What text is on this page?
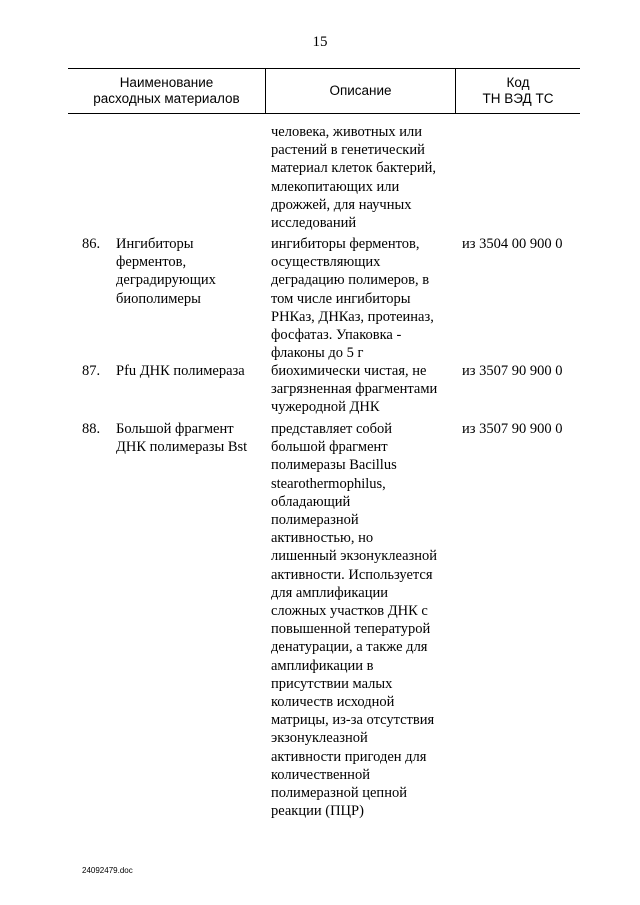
15
Наименование
расходных материалов
Описание
Код
ТН ВЭД ТС
человека, животных или
растений в генетический
материал клеток бактерий,
млекопитающих или
дрожжей, для научных
исследований
86. Ингибиторы
ферментов,
деградирующих
биополимеры
ингибиторы ферментов,
осуществляющих
деградацию полимеров, в
том числе ингибиторы
РНКаз, ДНКаз, протеиназ,
фосфатаз. Упаковка -
флаконы до 5 г
из 3504 00 900 0
87. Pfu ДНК полимераза	биохимически чистая, не
загрязненная фрагментами
чужеродной ДНК
из 3507 90 900 0
88. Большой фрагмент
ДНК полимеразы Bst
представляет собой
большой фрагмент
полимеразы Bacillus
stearothermophilus,
обладающий
полимеразной
активностью, но
лишенный экзонуклеазной
активности. Используется
для амплификации
сложных участков ДНК с
повышенной тепературой
денатурации, а также для
амплификации в
присутствии малых
количеств исходной
матрицы, из-за отсутствия
экзонуклеазной
активности пригоден для
количественной
полимеразной цепной
реакции (ПЦР)
из 3507 90 900 0
24092479.doc
